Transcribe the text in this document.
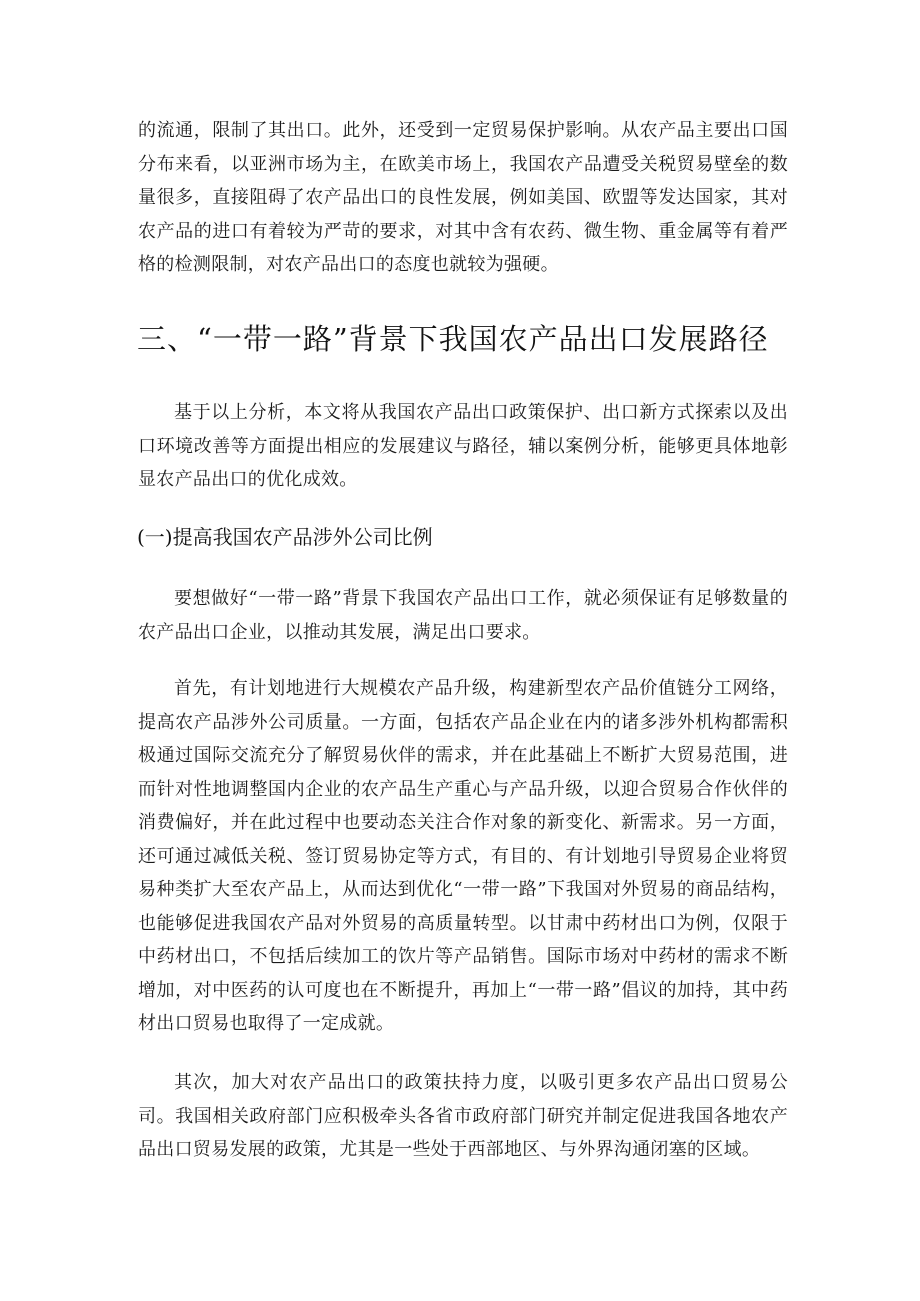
的流通，限制了其出口。此外，还受到一定贸易保护影响。从农产品主要出口国分布来看，以亚洲市场为主，在欧美市场上，我国农产品遭受关税贸易壁垒的数量很多，直接阻碍了农产品出口的良性发展，例如美国、欧盟等发达国家，其对农产品的进口有着较为严苛的要求，对其中含有农药、微生物、重金属等有着严格的检测限制，对农产品出口的态度也就较为强硬。

三、“一带一路”背景下我国农产品出口发展路径

基于以上分析，本文将从我国农产品出口政策保护、出口新方式探索以及出口环境改善等方面提出相应的发展建议与路径，辅以案例分析，能够更具体地彰显农产品出口的优化成效。

(一)提高我国农产品涉外公司比例

要想做好“一带一路”背景下我国农产品出口工作，就必须保证有足够数量的农产品出口企业，以推动其发展，满足出口要求。

首先，有计划地进行大规模农产品升级，构建新型农产品价值链分工网络，提高农产品涉外公司质量。一方面，包括农产品企业在内的诸多涉外机构都需积极通过国际交流充分了解贸易伙伴的需求，并在此基础上不断扩大贸易范围，进而针对性地调整国内企业的农产品生产重心与产品升级，以迎合贸易合作伙伴的消费偏好，并在此过程中也要动态关注合作对象的新变化、新需求。另一方面，还可通过减低关税、签订贸易协定等方式，有目的、有计划地引导贸易企业将贸易种类扩大至农产品上，从而达到优化“一带一路”下我国对外贸易的商品结构，也能够促进我国农产品对外贸易的高质量转型。以甘肃中药材出口为例，仅限于中药材出口，不包括后续加工的饮片等产品销售。国际市场对中药材的需求不断增加，对中医药的认可度也在不断提升，再加上“一带一路”倡议的加持，其中药材出口贸易也取得了一定成就。

其次，加大对农产品出口的政策扶持力度，以吸引更多农产品出口贸易公司。我国相关政府部门应积极牵头各省市政府部门研究并制定促进我国各地农产品出口贸易发展的政策，尤其是一些处于西部地区、与外界沟通闭塞的区域。
